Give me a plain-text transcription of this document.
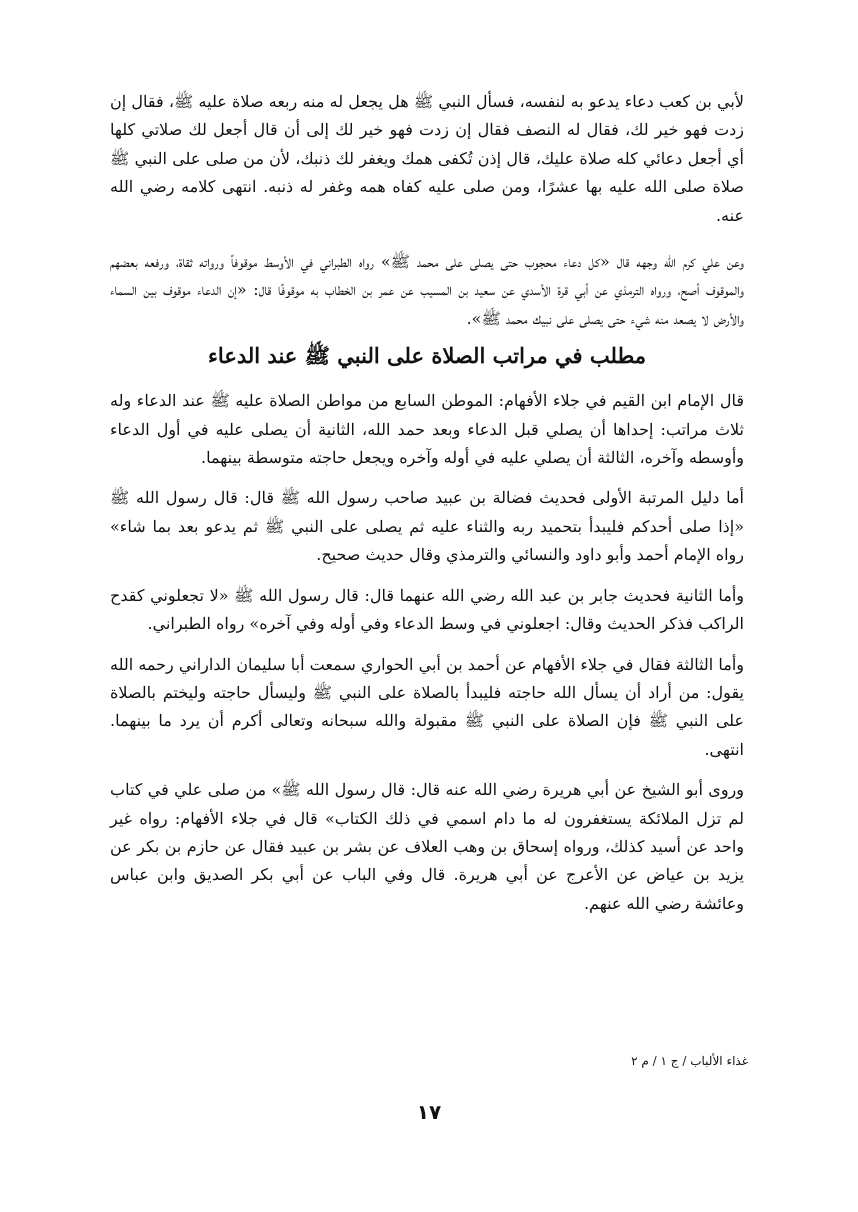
لأبي بن كعب دعاء يدعو به لنفسه، فسأل النبي ﷺ هل يجعل له منه ربعه صلاة عليه ﷺ، فقال إن زدت فهو خير لك، فقال له النصف فقال إن زدت فهو خير لك إلى أن قال أجعل لك صلاتي كلها أي أجعل دعائي كله صلاة عليك، قال إذن تُكفى همك ويغفر لك ذنبك، لأن من صلى على النبي ﷺ صلاة صلى الله عليه بها عشرًا، ومن صلى عليه كفاه همه وغفر له ذنبه. انتهى كلامه رضي الله عنه.

وعن علي كرم الله وجهه قال «كل دعاء محجوب حتى يصلى على محمد ﷺ» رواه الطبراني في الأوسط موقوفاً ورواته ثقاة، ورفعه بعضهم والموقوف أصح، ورواه الترمذي عن أبي قرة الأسدي عن سعيد بن المسيب عن عمر بن الخطاب به موقوفًا قال: «إن الدعاء موقوف بين السماء والأرض لا يصعد منه شيء حتى يصلى على نبيك محمد ﷺ».

مطلب في مراتب الصلاة على النبي ﷺ عند الدعاء

قال الإمام ابن القيم في جلاء الأفهام: الموطن السابع من مواطن الصلاة عليه ﷺ عند الدعاء وله ثلاث مراتب: إحداها أن يصلي قبل الدعاء وبعد حمد الله، الثانية أن يصلى عليه في أول الدعاء وأوسطه وآخره، الثالثة أن يصلي عليه في أوله وآخره ويجعل حاجته متوسطة بينهما.

أما دليل المرتبة الأولى فحديث فضالة بن عبيد صاحب رسول الله ﷺ قال: قال رسول الله ﷺ «إذا صلى أحدكم فليبدأ بتحميد ربه والثناء عليه ثم يصلى على النبي ﷺ ثم يدعو بعد بما شاء» رواه الإمام أحمد وأبو داود والنسائي والترمذي وقال حديث صحيح.

وأما الثانية فحديث جابر بن عبد الله رضي الله عنهما قال: قال رسول الله ﷺ «لا تجعلوني كقدح الراكب فذكر الحديث وقال: اجعلوني في وسط الدعاء وفي أوله وفي آخره» رواه الطبراني.

وأما الثالثة فقال في جلاء الأفهام عن أحمد بن أبي الحواري سمعت أبا سليمان الداراني رحمه الله يقول: من أراد أن يسأل الله حاجته فليبدأ بالصلاة على النبي ﷺ وليسأل حاجته وليختم بالصلاة على النبي ﷺ فإن الصلاة على النبي ﷺ مقبولة والله سبحانه وتعالى أكرم أن يرد ما بينهما. انتهى.

وروى أبو الشيخ عن أبي هريرة رضي الله عنه قال: قال رسول الله ﷺ» من صلى علي في كتاب لم تزل الملائكة يستغفرون له ما دام اسمي في ذلك الكتاب» قال في جلاء الأفهام: رواه غير واحد عن أسيد كذلك، ورواه إسحاق بن وهب العلاف عن بشر بن عبيد فقال عن حازم بن بكر عن يزيد بن عياض عن الأعرج عن أبي هريرة. قال وفي الباب عن أبي بكر الصديق وابن عباس وعائشة رضي الله عنهم.

غذاء الألباب / ج ١ / م ٢
١٧
